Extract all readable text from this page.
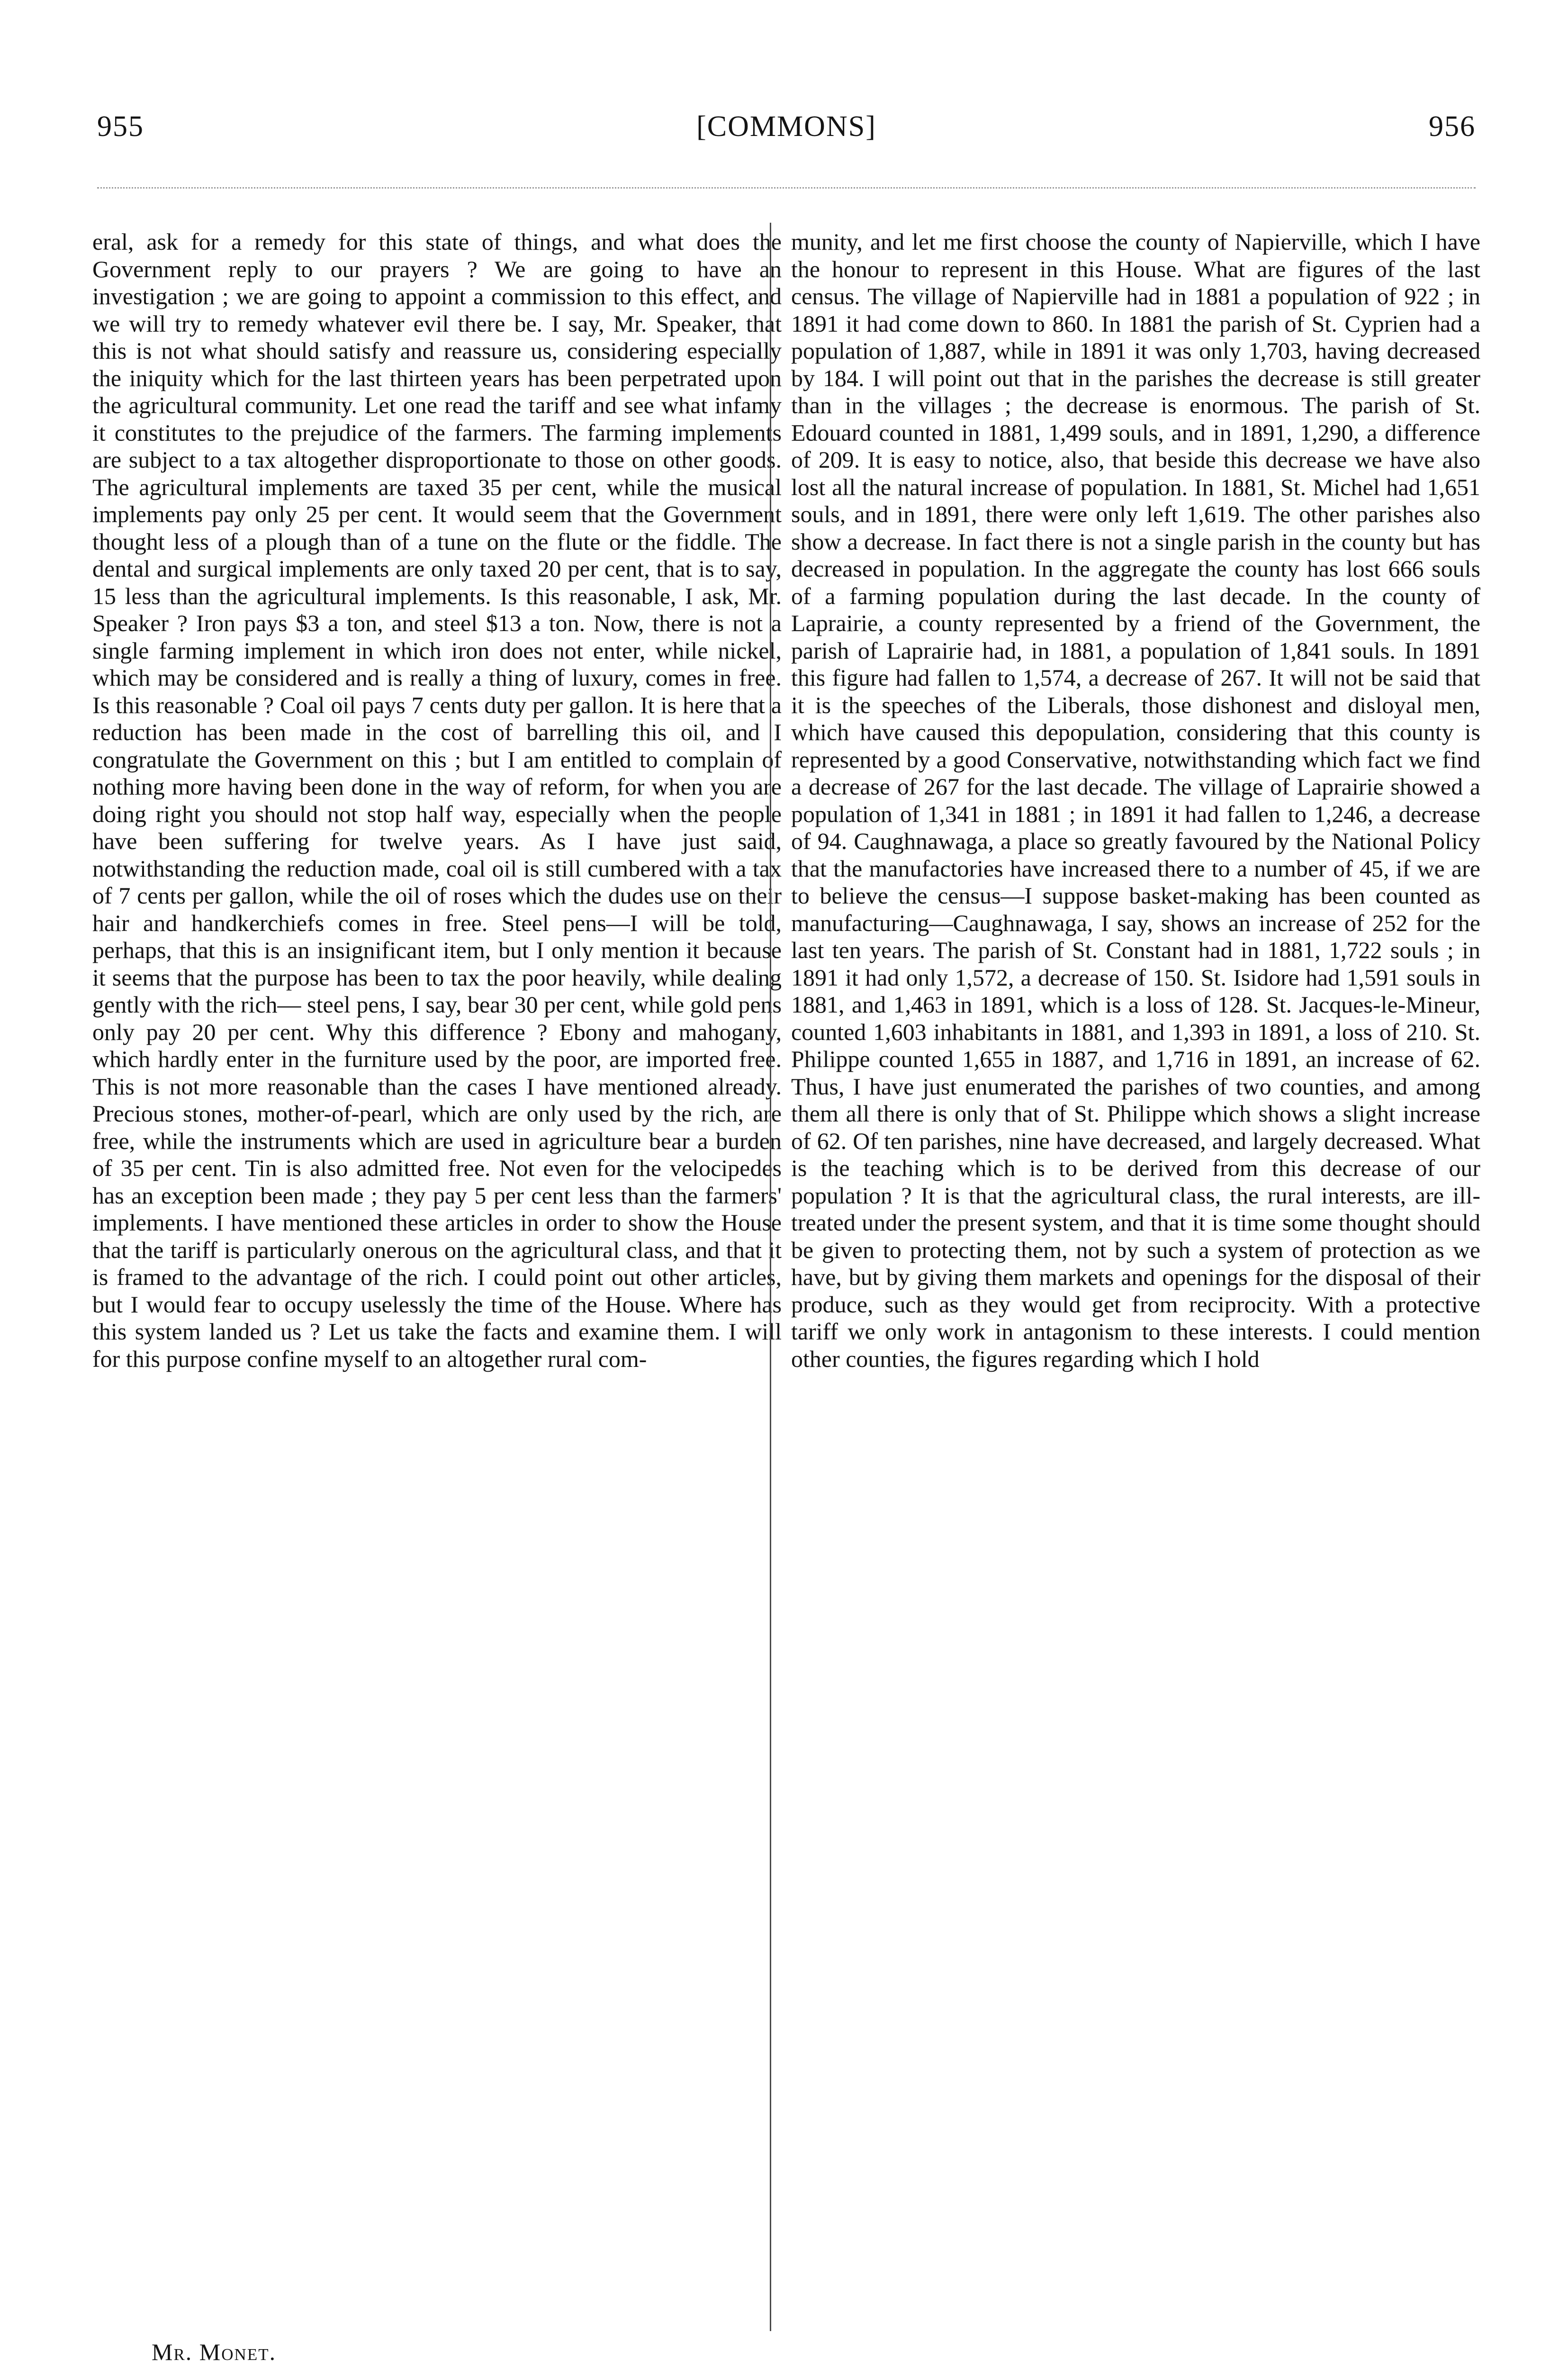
955	[COMMONS]	956

eral, ask for a remedy for this state of things, and what does the Government reply to our prayers ? We are going to have an investigation ; we are going to appoint a commission to this effect, and we will try to remedy whatever evil there be. I say, Mr. Speaker, that this is not what should satisfy and reassure us, considering especially the iniquity which for the last thirteen years has been perpetrated upon the agricultural community. Let one read the tariff and see what infamy it constitutes to the prejudice of the farmers. The farming implements are subject to a tax altogether disproportionate to those on other goods. The agricultural implements are taxed 35 per cent, while the musical implements pay only 25 per cent. It would seem that the Government thought less of a plough than of a tune on the flute or the fiddle. The dental and surgical implements are only taxed 20 per cent, that is to say, 15 less than the agricultural implements. Is this reasonable, I ask, Mr. Speaker ? Iron pays $3 a ton, and steel $13 a ton. Now, there is not a single farming implement in which iron does not enter, while nickel, which may be considered and is really a thing of luxury, comes in free. Is this reasonable ? Coal oil pays 7 cents duty per gallon. It is here that a reduction has been made in the cost of barrelling this oil, and I congratulate the Government on this ; but I am entitled to complain of nothing more having been done in the way of reform, for when you are doing right you should not stop half way, especially when the people have been suffering for twelve years. As I have just said, notwithstanding the reduction made, coal oil is still cumbered with a tax of 7 cents per gallon, while the oil of roses which the dudes use on their hair and handkerchiefs comes in free. Steel pens—I will be told, perhaps, that this is an insignificant item, but I only mention it because it seems that the purpose has been to tax the poor heavily, while dealing gently with the rich— steel pens, I say, bear 30 per cent, while gold pens only pay 20 per cent. Why this difference ? Ebony and mahogany, which hardly enter in the furniture used by the poor, are imported free. This is not more reasonable than the cases I have mentioned already. Precious stones, mother-of-pearl, which are only used by the rich, are free, while the instruments which are used in agriculture bear a burden of 35 per cent. Tin is also admitted free. Not even for the velocipedes has an exception been made ; they pay 5 per cent less than the farmers' implements. I have mentioned these articles in order to show the House that the tariff is particularly onerous on the agricultural class, and that it is framed to the advantage of the rich. I could point out other articles, but I would fear to occupy uselessly the time of the House. Where has this system landed us ? Let us take the facts and examine them. I will for this purpose confine myself to an altogether rural com-

munity, and let me first choose the county of Napierville, which I have the honour to represent in this House. What are figures of the last census. The village of Napierville had in 1881 a population of 922 ; in 1891 it had come down to 860. In 1881 the parish of St. Cyprien had a population of 1,887, while in 1891 it was only 1,703, having decreased by 184. I will point out that in the parishes the decrease is still greater than in the villages ; the decrease is enormous. The parish of St. Edouard counted in 1881, 1,499 souls, and in 1891, 1,290, a difference of 209. It is easy to notice, also, that beside this decrease we have also lost all the natural increase of population. In 1881, St. Michel had 1,651 souls, and in 1891, there were only left 1,619. The other parishes also show a decrease. In fact there is not a single parish in the county but has decreased in population. In the aggregate the county has lost 666 souls of a farming population during the last decade. In the county of Laprairie, a county represented by a friend of the Government, the parish of Laprairie had, in 1881, a population of 1,841 souls. In 1891 this figure had fallen to 1,574, a decrease of 267. It will not be said that it is the speeches of the Liberals, those dishonest and disloyal men, which have caused this depopulation, considering that this county is represented by a good Conservative, notwithstanding which fact we find a decrease of 267 for the last decade. The village of Laprairie showed a population of 1,341 in 1881 ; in 1891 it had fallen to 1,246, a decrease of 94. Caughnawaga, a place so greatly favoured by the National Policy that the manufactories have increased there to a number of 45, if we are to believe the census—I suppose basket-making has been counted as manufacturing—Caughnawaga, I say, shows an increase of 252 for the last ten years. The parish of St. Constant had in 1881, 1,722 souls ; in 1891 it had only 1,572, a decrease of 150. St. Isidore had 1,591 souls in 1881, and 1,463 in 1891, which is a loss of 128. St. Jacques-le-Mineur, counted 1,603 inhabitants in 1881, and 1,393 in 1891, a loss of 210. St. Philippe counted 1,655 in 1887, and 1,716 in 1891, an increase of 62. Thus, I have just enumerated the parishes of two counties, and among them all there is only that of St. Philippe which shows a slight increase of 62. Of ten parishes, nine have decreased, and largely decreased. What is the teaching which is to be derived from this decrease of our population ? It is that the agricultural class, the rural interests, are ill-treated under the present system, and that it is time some thought should be given to protecting them, not by such a system of protection as we have, but by giving them markets and openings for the disposal of their produce, such as they would get from reciprocity. With a protective tariff we only work in antagonism to these interests. I could mention other counties, the figures regarding which I hold

Mr. Monet.
